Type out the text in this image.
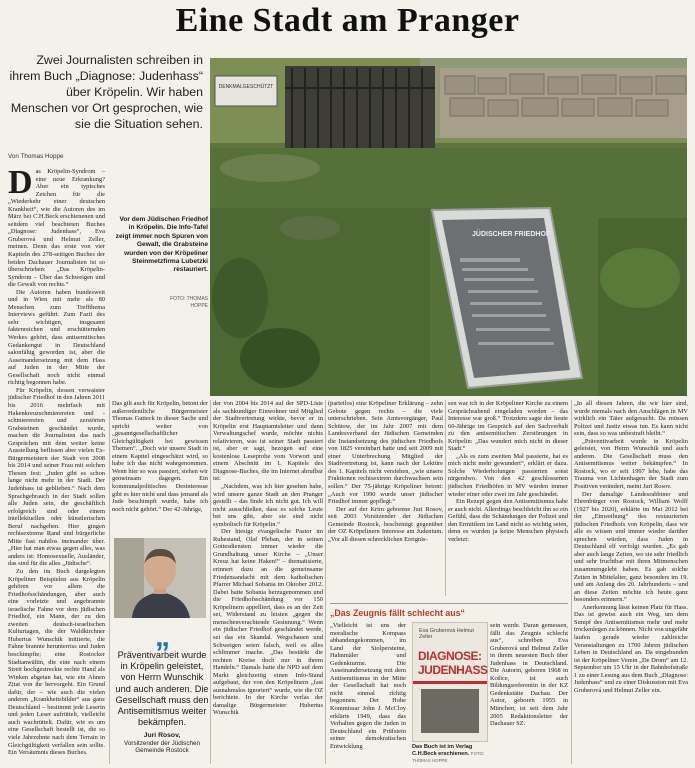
Eine Stadt am Pranger
Zwei Journalisten schreiben in ihrem Buch „Diagnose: Judenhass“ über Kröpelin. Wir haben Menschen vor Ort gesprochen, wie sie die Situation sehen.
DENKMALGESCHÜTZT
JÜDISCHER FRIEDHOF
Vor dem Jüdischen Friedhof in Kröpelin. Die Info-Tafel zeigt immer noch Spuren von Gewalt, die Grabsteine wurden von der Kröpeliner Steinmetzfirma Lubetzki restauriert.
FOTO: THOMAS HOPPE
Von Thomas Hoppe

Das Kröpelin-Syndrom – eine neue Erkrankung? Aber ein typisches Zeichen für die „Wiederkehr einer deutschen Krankheit“, wie die Autoren des im März bei C.H.Beck erschienenen und seitdem viel beachteten Buches „Diagnose: Judenhass“, Eva Gruberová und Helmut Zeller, meinen. Denn das erste von vier Kapiteln des 278-seitigen Buches der beiden Dachauer Journalisten ist so überschrieben: „Das Kröpelin-Syndrom – Über das Schweigen und die Gewalt von rechts.“

Die Autoren haben bundesweit und in Wien mit mehr als 80 Menschen zum Treffthema Interviews geführt. Zum Fazit des sehr wichtigen, insgesamt faktenreichen und erschütternden Werkes gehört, dass antisemitisches Gedankengut in Deutschland salonfähig geworden ist, aber die Auseinandersetzung mit dem Hass auf Juden in der Mitte der Gesellschaft noch nicht einmal richtig begonnen habe.

Für Kröpelin, dessen verwaister jüdischer Friedhof in den Jahren 2011 bis 2016 mehrfach mit Hakenkreuzschmierereien und -schmierereien und zerstörten Grabsteinen geschändet wurde, machen die Journalisten das nach Gesprächen mit dem weiter keine Ausstellung beflissen aber vielen Ex-Bürgermeistern der Stadt von 2008 bis 2014 und seiner Frau mit solchen Thesen fest: „Juden gibt es schon lange nicht mehr in der Stadt. Der Judenhass ist geblieben.“ Nach dem Sprachgebrauch in der Stadt sollen alle Juden sein, die geschäftlich erfolgreich sind oder einem intellektuellen oder künstlerischen Beruf nachgehen. Hier gingen rechtsextreme Rand und bürgerliche Mitte fast nahtlos ineinander über. „Hier hat man etwas gegen alles, was anders ist: Homosexuelle, Ausländer, das sind für die alles „Jüdische“.

Zu den im Buch dargelegten Kröpeliner Beispielen aus Kröpelin gehören vor allem die Friedhofsschändungen, aber auch eine vorletzte und angebrannte israelische Fahne vor dem jüdischen Friedhof, ein Mann, der zu den zweiten deutsch-israelischen Kulturtagen, die der Waldkirchner Hubertus Wunschik initiierte, die Fahne brannte herunterriss und Juden beschimpfte; eine Rostocker Stadtanwältin, die eine nach einem Streit hochgestreckte rechte Hand als Winken abgetan hat, wie ein Ahnen Zitat von ihr hervorgeht. Ein Grund dafür, der – wie auch die vielen anderen „Krankheitsbilder“ aus ganz Deutschland – bestimmt jede Leserin und jeden Leser aufrüttelt, vielleicht auch wachrüttelt. Dafür, wie es um eine Gesellschaft bestellt ist, die so viele Jahrzehnte nach dem Terrain in Gleichgültigkeit verfallen sein sollte. Ein Versäumnis dieses Buches.

Das gilt auch für Kröpelin, betont der außerordentliche Bürgermeister Thomas Gutteck in dieser Sache und spricht weiter von „gesamtgesellschaftlicher Gleichgültigkeit bei gewissen Themen“. „Doch wie unsere Stadt in einem Kapitel eingeschätzt wird, so habe ich das nicht wahrgenommen. Wenn hier so was passiert, stehen wir gemeinsam dagegen. Ein kommunalpolitisches Desinteresse gibt es hier nicht und dass jemand als Jude beschimpft wurde, habe ich noch nicht gehört.“ Der 42-Jährige,

„
Präventivarbeit wurde in Kröpelin geleistet, von Herrn Wunschik und auch anderen. Die Gesellschaft muss den Antisemitismus weiter bekämpfen.
Juri Rosov,
Vorsitzender der Jüdischen Gemeinde Rostock

der von 2004 bis 2014 auf der SPD-Liste als sachkundiger Einwohner und Mitglied der Stadtvertretung wirkte, bevor er in Kröpelin erst Hauptamtsleiter und dann Verwaltungschef wurde, möchte nichts relativieren, was ist seiner Stadt passiert ist, aber er sagt, bezogen auf eine kostenlose Leseprobe vom Vorwort und einem Abschnitt im 1. Kapitels des Diagnose-Buches, die im Internet abrufbar ist:

„Nachdem, was ich hier gesehen habe, wird unsere ganze Stadt an den Pranger gestellt – das finde ich nicht gut. Ich will nicht ausschließen, dass es solche Leute bei uns gibt, aber sie sind nicht symbolisch für Kröpelin.“

Der hiesige evangelische Pastor im Ruhestand, Olaf Pleban, der in seinen Gottesdiensten immer wieder die Grundhaltung unser Kirche – „Unser Kreuz hat keine Haken!“ – thematisierte, erinnert dazu an die gemeinsame Friedensandacht mit dem katholischen Pfarrer Michael Sobania im Oktober 2012. Dabei hatte Sobania herzugenommen und die Friedhofsschändung vor 150 Kröpelinern appelliert, dass es an der Zeit sei, Widerstand zu leisten „gegen die menschenverachtende Gesinnung.“ Wenn ein jüdischer Friedhof geschändet werde, sei das ein Skandal. Wegschauen und Schweigen seien falsch, weil es alles schlimmer mache. „Das bestärkt die rechten Kreise doch nur in ihrem Handeln.“ Damals hatte die NPD auf dem Markt gleichzeitig einen Info-Stand aufgebaut, der von den Kröpelinern „fast ausnahmslos ignoriert“ wurde, wie die OZ berichtete. In der Kirche verlas der damalige Bürgermeister Hubertus Wunschik

(parteilos) eine Kröpeliner Erklärung – zehn Gebote gegen rechts – die viele unterschrieben. Sein Amtsvorgänger, Paul Schütow, der im Jahr 2007 mit dem Landesverband der Jüdischen Gemeinden die Instandsetzung des jüdischen Friedhofs von 1825 vereinbart hatte und seit 2009 mit einer Unterbrechung Mitglied der Stadtvertretung ist, kann nach der Lektüre des 1. Kapitels nicht verstehen, „wie unsere Fraktionen rechtsextrem durchwachsen sein sollen.“ Der 75-jährige Kröpeliner betont: „Auch vor 1990 wurde unser jüdischer Friedhof immer gepflegt.“

Der auf der Krim geborene Juri Rosov, seit 2003 Vorsitzender der Jüdischen Gemeinde Rostock, bescheinigt gegenüber der OZ Kröpelinern Interesse am Judentum. „Vor all diesen schrecklichen Ereignis-

sen war ich in der Kröpeliner Kirche zu einem Gesprächsabend eingeladen worden – das Interesse war groß.“ Trotzdem sagte der heute 60-Jährige im Gespräch auf den Sachverhalt zu den antisemitischen Zerstörungen in Kröpelin: „Das wundert mich nicht in dieser Stadt.“

„Als es zum zweiten Mal passierte, hat es mich nicht mehr gewundert“, erklärt er dazu. Solche Wiederholungen passierten sonst nirgendwo. Von den 42 geschlossenen jüdischen Friedhöfen in MV würden immer wieder einer oder zwei im Jahr geschändet.

Ein Rezept gegen den Antisemitismus habe er auch nicht. Allerdings beschleicht ihn so ein Gefühl, dass die Schändungen der Polizei und den Ermittlern im Land nicht so wichtig seien, denn es wurden ja keine Menschen physisch verletzt:

„In all diesen Jahren, die wir hier sind, wurde niemals nach den Anschlägen in MV wirklich ein Täter aufgesucht. Da müssen Polizei und Justiz etwas tun. Es kann nicht sein, dass so was unbestraft bleibt.“

„Präventivarbeit wurde in Kröpelin geleistet, von Herrn Wunschik und auch anderen. Die Gesellschaft muss den Antisemitismus weiter bekämpfen.“ In Rostock, wo er seit 1997 lebe, habe das Trauma von Lichtenhagen der Stadt zum Positiven verändert, meint Juri Rosov.

Der damalige Landesrabbiner und Ehrenbürger von Rostock, William Wolff (1927 bis 2020), erklärte im Mai 2012 bei der „Einweihung“ des restaurierten jüdischen Friedhofs von Kröpelin, dass wir alle es wissen und immer wieder darüber sprechen würden, dass Juden in Deutschland elf verfolgt wurden. „Es gab aber auch lange Zeiten, wo sie sehr friedlich und sehr fruchtbar mit ihren Mitmenschen zusammengelebt haben. Es gab solche Zeiten in Mittelalter, ganz besonders im 19. und am Anfang des 20. Jahrhunderts – und an diese Zeiten möchte ich heute ganz besonders erinnern.“

Anerkennung lässt keinen Platz für Hass. Das ist gewiss auch ein Weg, um dem Sumpf des Antisemitismus mehr und mehr trockenlegen zu können. Nicht von ungefähr laufen gerade wieder zahlreiche Veranstaltungen zu 1700 Jahren jüdischen Leben in Deutschland an. Da eingebunden ist der Kröpeliner Verein „De Drom“ am 12. September um 15 Uhr in der Bahnhofstraße 1 zu einer Lesung aus dem Buch „Diagnose: Judenhass“ und zu einer Diskussion mit Eva Gruberová und Helmut Zeller ein.

„Das Zeugnis fällt schlecht aus“

„Vielleicht ist uns der moralische Kompass abhandengekommen, im Land der Stolpersteine, Hahnmäler und Gedenkturme. Die Auseinandersetzung mit dem Antisemitismus in der Mitte der Gesellschaft hat noch nicht einmal richtig begonnen. Der Hohe Kommissar John J. McCloy erklärte 1949, dass das Verhalten gegen die Juden in Deutschland ein Prüfstein seiner demokratischen Entwicklung

Eva Gruberová Helmut Zeller
DIAGNOSE:
JUDENHASS
Das Buch ist im Verlag C.H.Beck erschienen. FOTO: THOMAS HOPPE

sein werde. Daran gemessen, fällt das Zeugnis schlecht aus“, schreiben Eva Gruberová und Helmut Zeller in ihrem neuesten Buch über Judenhass in Deutschland. Die Autorin, geboren 1968 in Košice, ist auch Bildungsreferentin in der KZ Gedenkstätte Dachau. Der Autor, geboren 1955 in München, ist seit dem Jahr 2005 Redaktionsleiter der Dachauer SZ.
